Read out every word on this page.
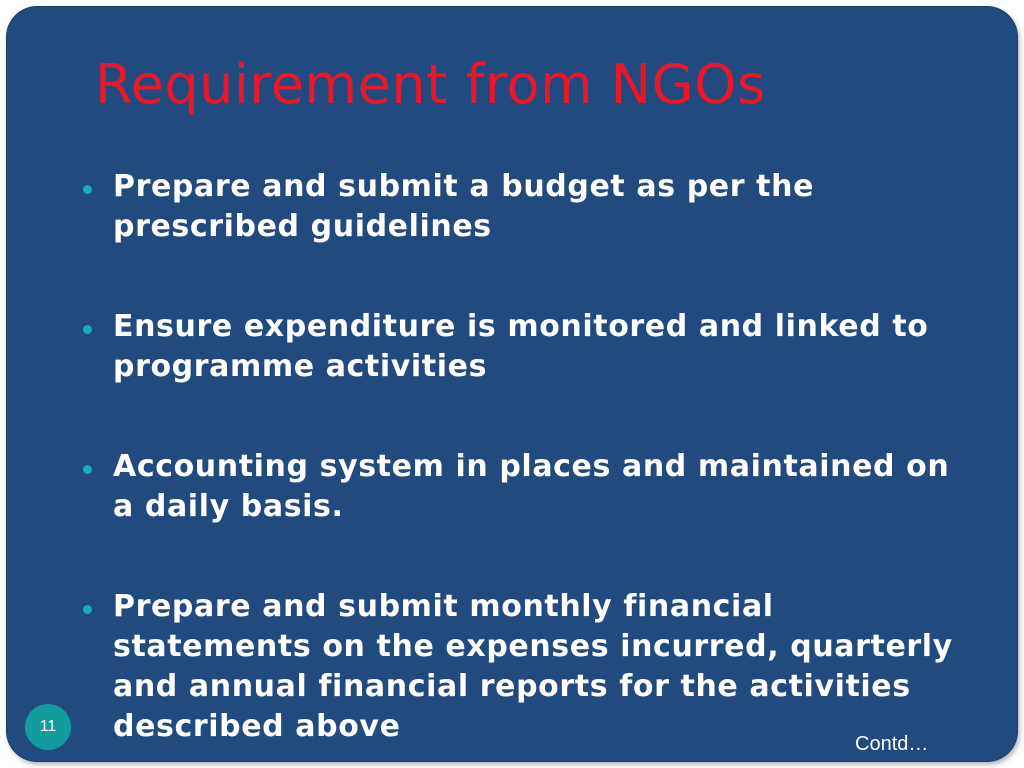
Requirement from NGOs
Prepare and submit a budget as per the prescribed guidelines
Ensure expenditure is monitored and linked to programme activities
Accounting system in places and maintained on a daily basis.
Prepare and submit monthly financial statements on the expenses incurred, quarterly and annual financial reports for the activities described above
11
Contd…
